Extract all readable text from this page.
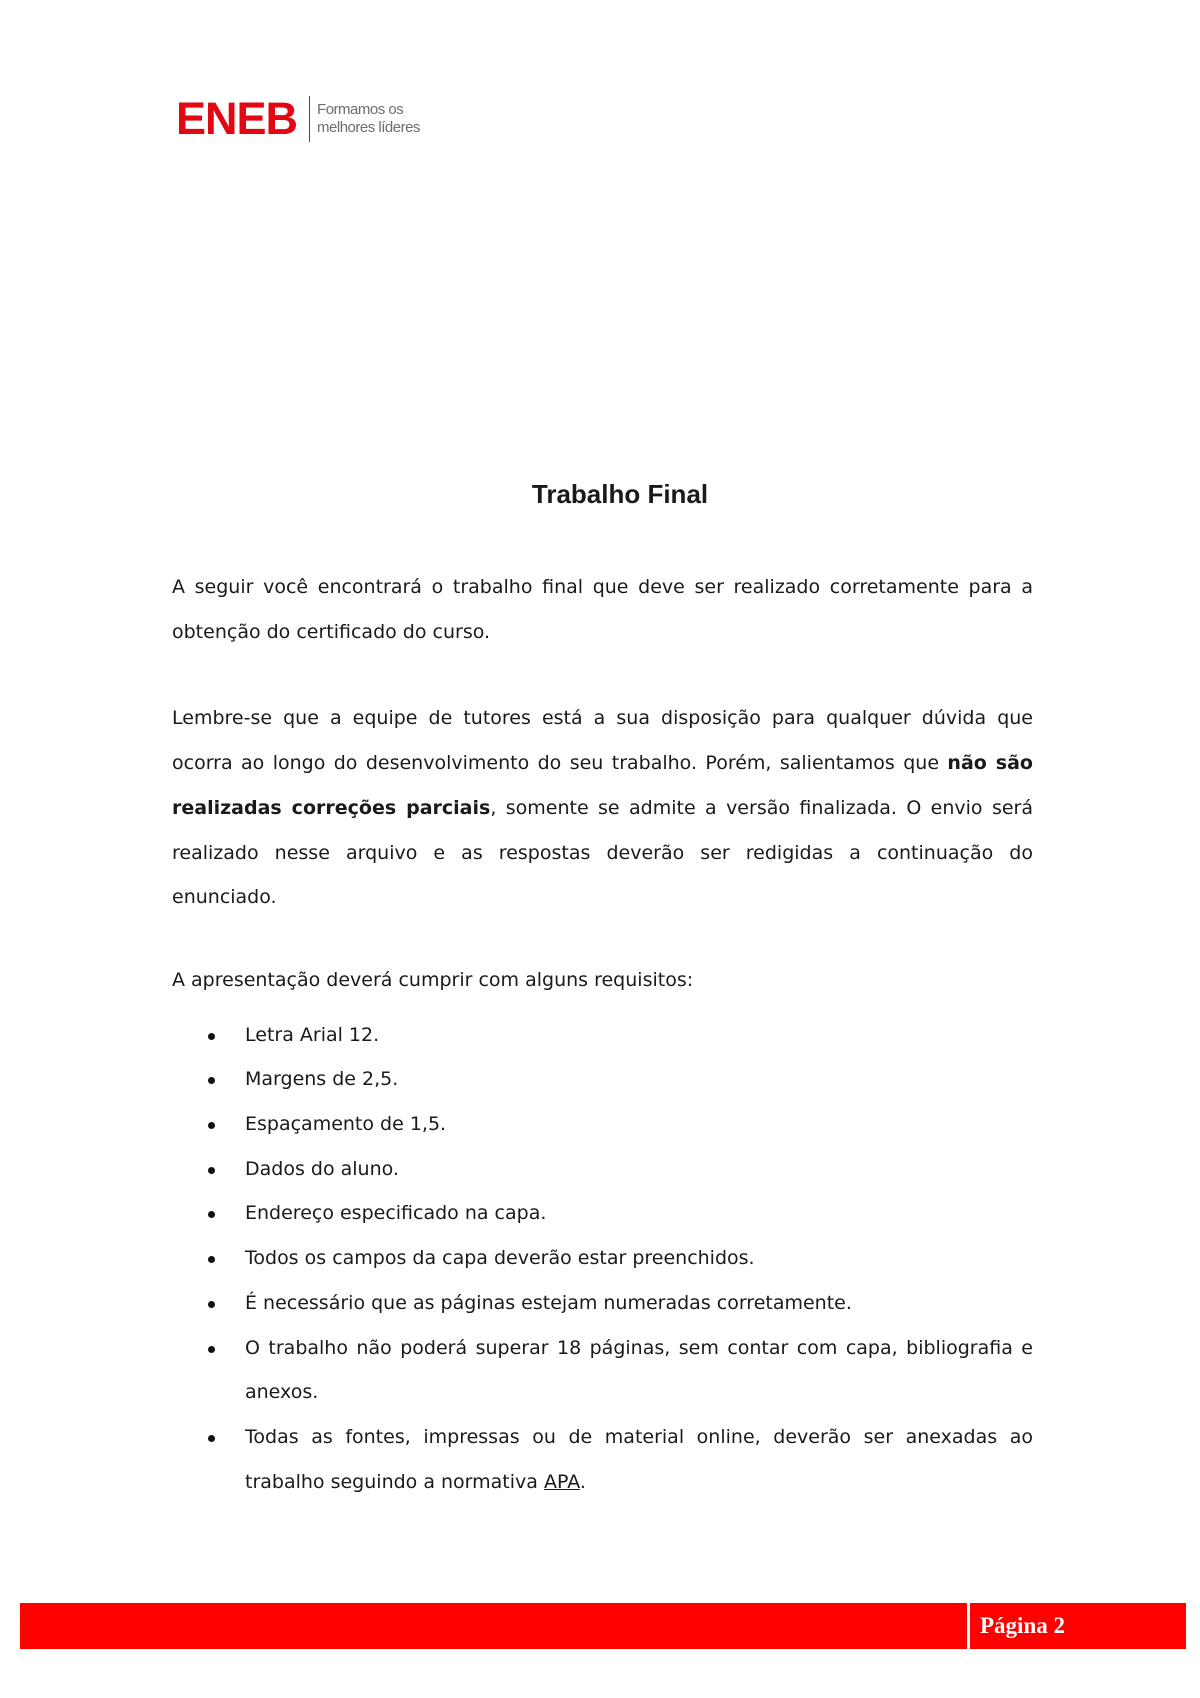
ENEB Formamos os
melhores líderes
Trabalho Final

A seguir você encontrará o trabalho final que deve ser realizado corretamente para a obtenção do certificado do curso.

Lembre-se que a equipe de tutores está a sua disposição para qualquer dúvida que ocorra ao longo do desenvolvimento do seu trabalho. Porém, salientamos que não são realizadas correções parciais, somente se admite a versão finalizada. O envio será realizado nesse arquivo e as respostas deverão ser redigidas a continuação do enunciado.

A apresentação deverá cumprir com alguns requisitos:

Letra Arial 12.
Margens de 2,5.
Espaçamento de 1,5.
Dados do aluno.
Endereço especificado na capa.
Todos os campos da capa deverão estar preenchidos.
É necessário que as páginas estejam numeradas corretamente.
O trabalho não poderá superar 18 páginas, sem contar com capa, bibliografia e anexos.
Todas as fontes, impressas ou de material online, deverão ser anexadas ao trabalho seguindo a normativa APA.
Página 2
